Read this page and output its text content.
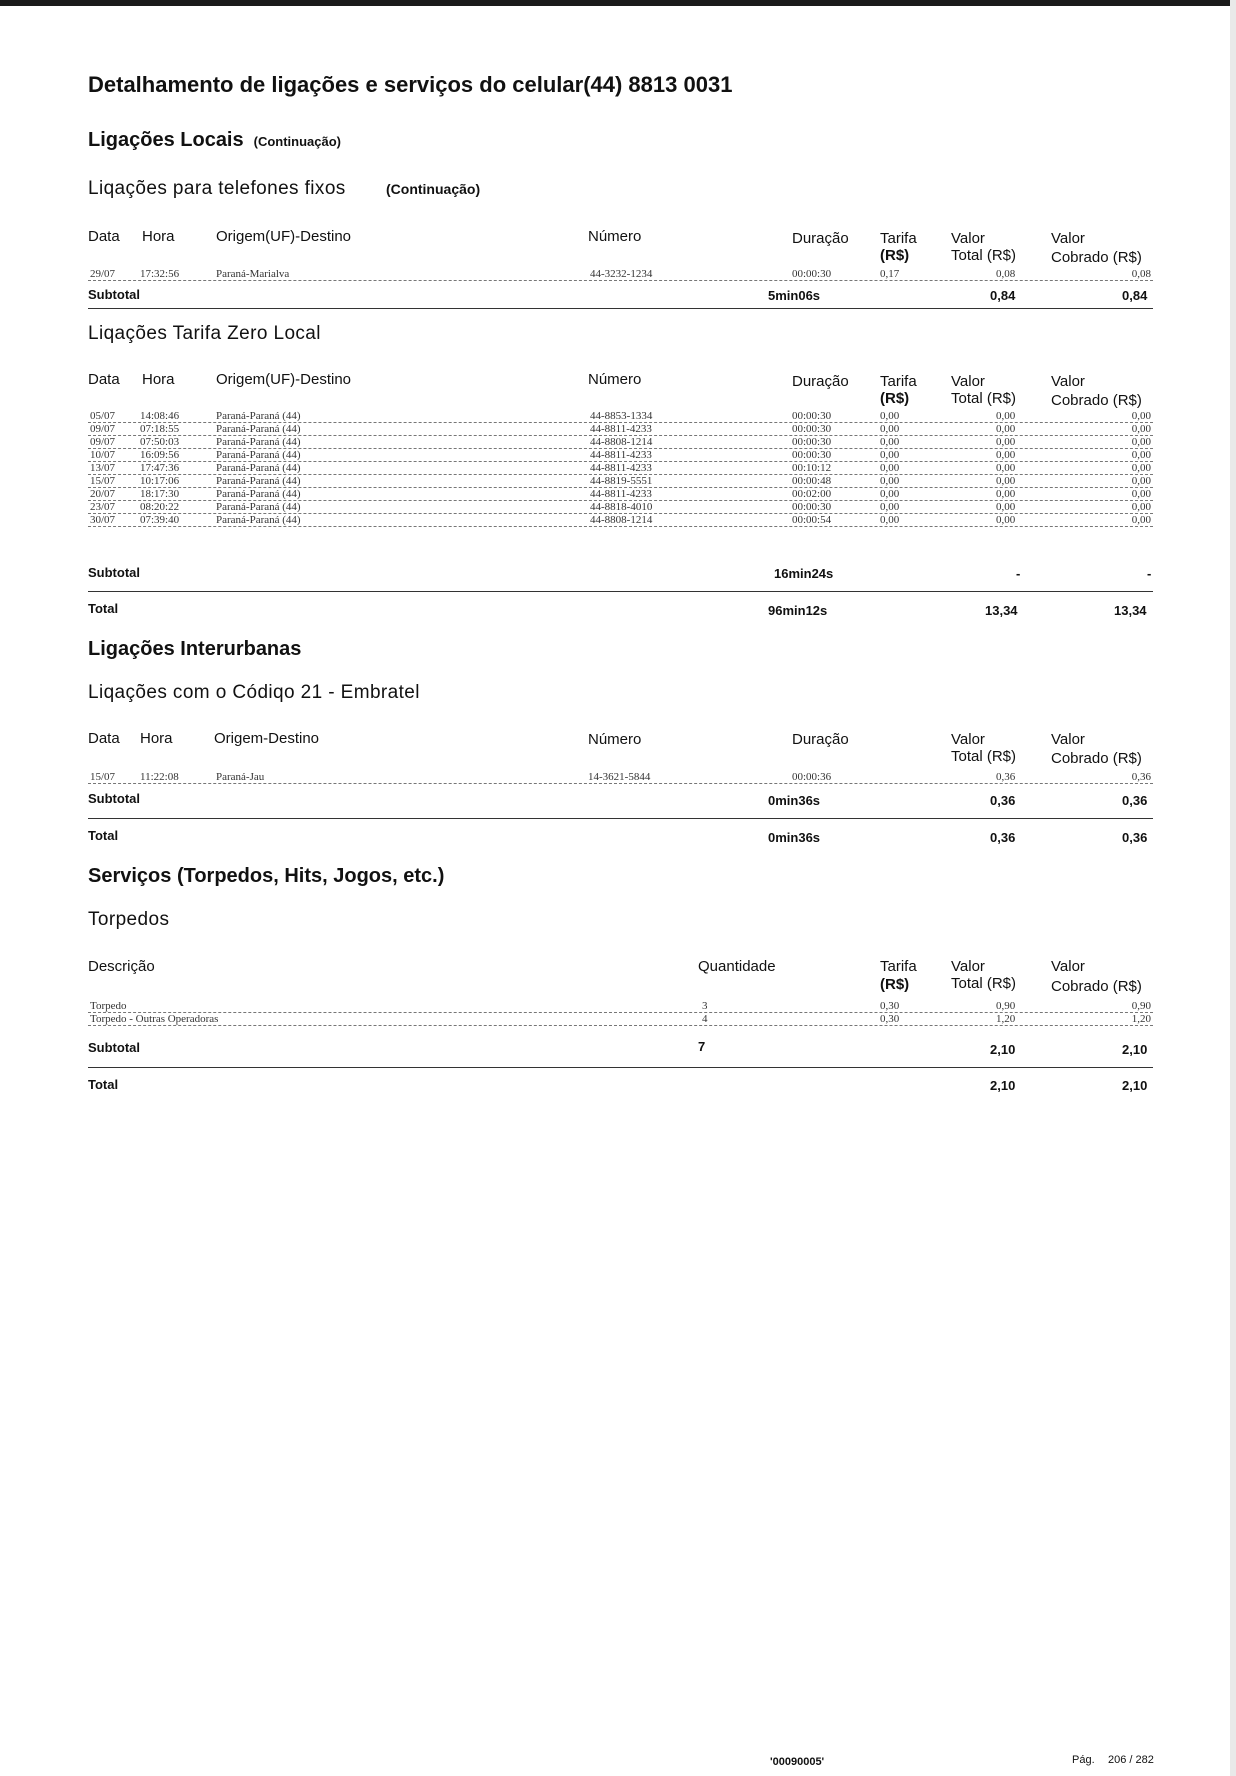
Detalhamento de ligações e serviços do celular(44) 8813 0031
Ligações Locais (Continuação)
Liqações para telefones fixos	(Continuação)
Data Hora	Origem(UF)-Destino	Número	Duração Tarifa
(R$)
Valor
Total (R$)
Valor
Cobrado (R$)
29/07 17:32:56	Paraná-Marialva	44-3232-1234	00:00:30	0,17	0,08	0,08
Subtotal	5min06s	0,84	0,84
Liqações Tarifa Zero Local
Data Hora	Origem(UF)-Destino	Número	Duração Tarifa
(R$)
Valor
Total (R$)
Valor
Cobrado (R$)
05/07 14:08:46	Paraná-Paraná (44)	44-8853-1334	00:00:30	0,00	0,00	0,00
09/07 07:18:55	Paraná-Paraná (44)	44-8811-4233	00:00:30	0,00	0,00	0,00
09/07 07:50:03	Paraná-Paraná (44)	44-8808-1214	00:00:30	0,00	0,00	0,00
10/07 16:09:56	Paraná-Paraná (44)	44-8811-4233	00:00:30	0,00	0,00	0,00
13/07 17:47:36	Paraná-Paraná (44)	44-8811-4233	00:10:12	0,00	0,00	0,00
15/07 10:17:06	Paraná-Paraná (44)	44-8819-5551	00:00:48	0,00	0,00	0,00
20/07 18:17:30	Paraná-Paraná (44)	44-8811-4233	00:02:00	0,00	0,00	0,00
23/07 08:20:22	Paraná-Paraná (44)	44-8818-4010	00:00:30	0,00	0,00	0,00
30/07 07:39:40	Paraná-Paraná (44)	44-8808-1214	00:00:54	0,00	0,00	0,00
Subtotal	16min24s	-	-
Total	96min12s	13,34	13,34
Ligações Interurbanas
Liqações com o Códiqo 21 - Embratel
Data Hora	Origem-Destino	Número	Duração	Valor
Total (R$)
Valor
Cobrado (R$)
15/07 11:22:08	Paraná-Jau	14-3621-5844	00:00:36	0,36	0,36
Subtotal	0min36s	0,36	0,36
Total	0min36s	0,36	0,36
Serviços (Torpedos, Hits, Jogos, etc.)
Torpedos
Descrição	Quantidade	Tarifa
(R$)
Valor
Total (R$)
Valor
Cobrado (R$)
Torpedo	3	0,30	0,90	0,90
Torpedo - Outras Operadoras	4	0,30	1,20	1,20
Subtotal	7	2,10	2,10
Total	2,10	2,10
'00090005'	Pág. 206 / 282
